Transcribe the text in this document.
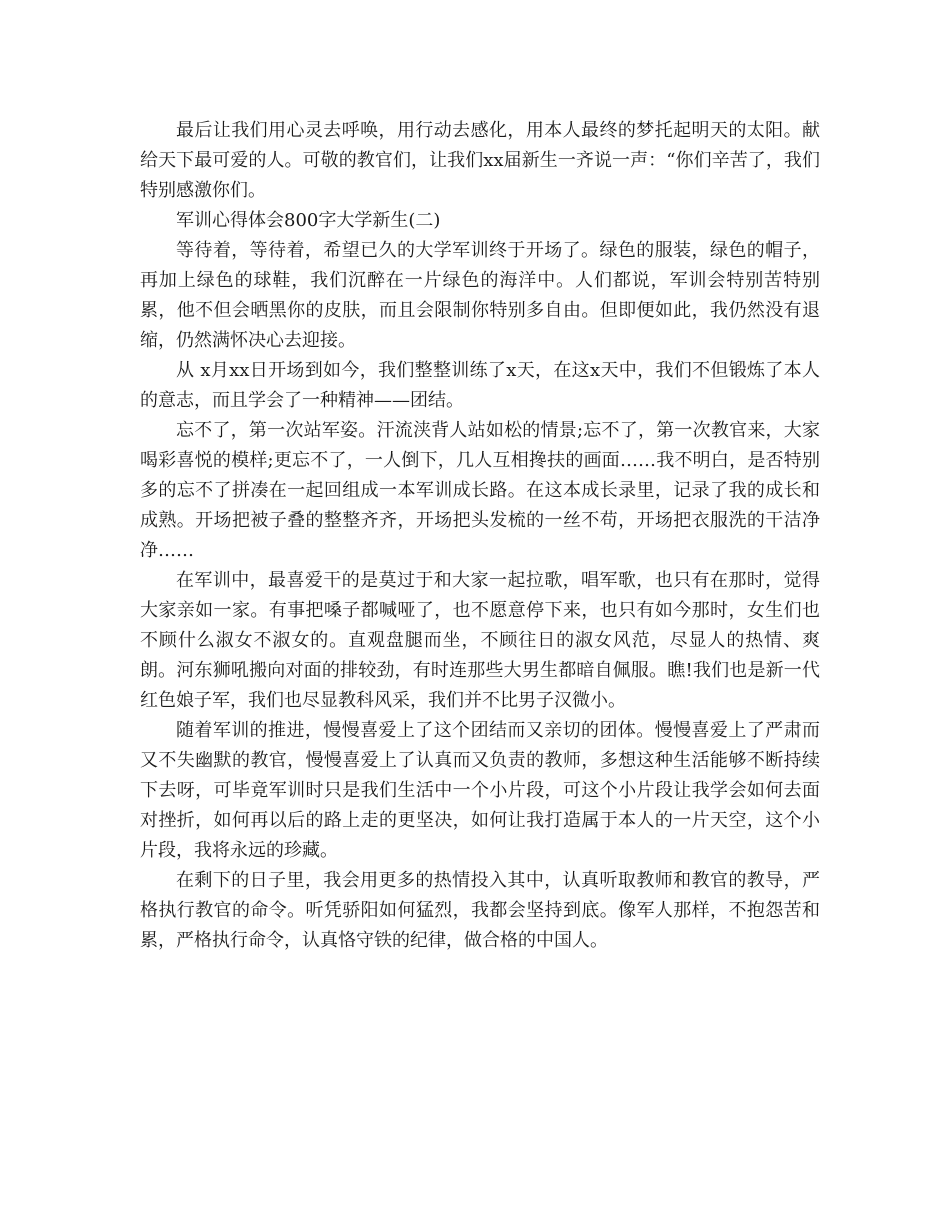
最后让我们用心灵去呼唤，用行动去感化，用本人最终的梦托起明天的太阳。献给天下最可爱的人。可敬的教官们，让我们xx届新生一齐说一声：“你们辛苦了，我们特别感激你们。

军训心得体会800字大学新生(二)

等待着，等待着，希望已久的大学军训终于开场了。绿色的服装，绿色的帽子，再加上绿色的球鞋，我们沉醉在一片绿色的海洋中。人们都说，军训会特别苦特别累，他不但会晒黑你的皮肤，而且会限制你特别多自由。但即便如此，我仍然没有退缩，仍然满怀决心去迎接。

从 x月xx日开场到如今，我们整整训练了x天，在这x天中，我们不但锻炼了本人的意志，而且学会了一种精神——团结。

忘不了，第一次站军姿。汗流浃背人站如松的情景;忘不了，第一次教官来，大家喝彩喜悦的模样;更忘不了，一人倒下，几人互相搀扶的画面……我不明白，是否特别多的忘不了拼凑在一起回组成一本军训成长路。在这本成长录里，记录了我的成长和成熟。开场把被子叠的整整齐齐，开场把头发梳的一丝不苟，开场把衣服洗的干洁净净……

在军训中，最喜爱干的是莫过于和大家一起拉歌，唱军歌，也只有在那时，觉得大家亲如一家。有事把嗓子都喊哑了，也不愿意停下来，也只有如今那时，女生们也不顾什么淑女不淑女的。直观盘腿而坐，不顾往日的淑女风范，尽显人的热情、爽朗。河东狮吼搬向对面的排较劲，有时连那些大男生都暗自佩服。瞧!我们也是新一代红色娘子军，我们也尽显教科风采，我们并不比男子汉微小。

随着军训的推进，慢慢喜爱上了这个团结而又亲切的团体。慢慢喜爱上了严肃而又不失幽默的教官，慢慢喜爱上了认真而又负责的教师，多想这种生活能够不断持续下去呀，可毕竟军训时只是我们生活中一个小片段，可这个小片段让我学会如何去面对挫折，如何再以后的路上走的更坚决，如何让我打造属于本人的一片天空，这个小片段，我将永远的珍藏。

在剩下的日子里，我会用更多的热情投入其中，认真听取教师和教官的教导，严格执行教官的命令。听凭骄阳如何猛烈，我都会坚持到底。像军人那样，不抱怨苦和累，严格执行命令，认真恪守铁的纪律，做合格的中国人。
